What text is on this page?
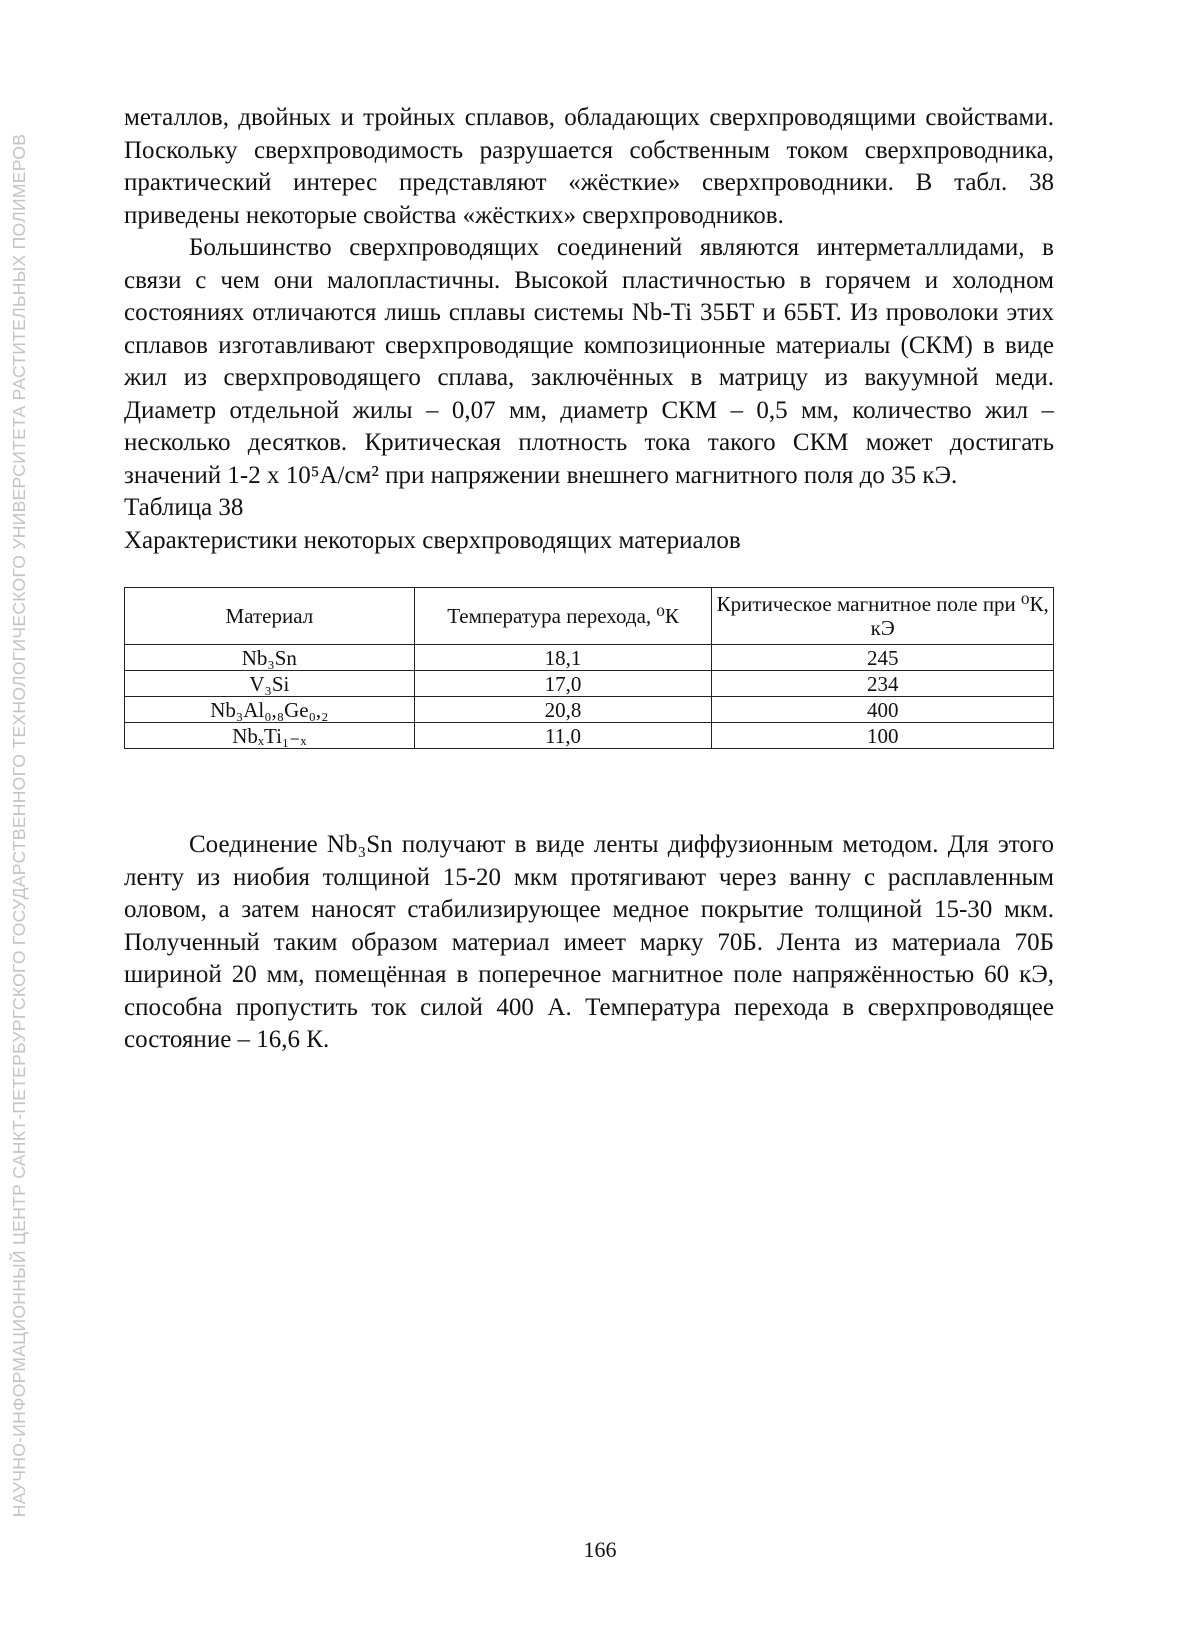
НАУЧНО-ИНФОРМАЦИОННЫЙ ЦЕНТР САНКТ-ПЕТЕРБУРГСКОГО ГОСУДАРСТВЕННОГО ТЕХНОЛОГИЧЕСКОГО УНИВЕРСИТЕТА РАСТИТЕЛЬНЫХ ПОЛИМЕРОВ

металлов, двойных и тройных сплавов, обладающих сверхпроводящими свойствами. Поскольку сверхпроводимость разрушается собственным током сверхпроводника, практический интерес представляют «жёсткие» сверхпроводники. В табл. 38 приведены некоторые свойства «жёстких» сверхпроводников.

Большинство сверхпроводящих соединений являются интерметаллидами, в связи с чем они малопластичны. Высокой пластичностью в горячем и холодном состояниях отличаются лишь сплавы системы Nb-Ti 35БТ и 65БТ. Из проволоки этих сплавов изготавливают сверхпроводящие композиционные материалы (СКМ) в виде жил из сверхпроводящего сплава, заключённых в матрицу из вакуумной меди. Диаметр отдельной жилы – 0,07 мм, диаметр СКМ – 0,5 мм, количество жил – несколько десятков. Критическая плотность тока такого СКМ может достигать значений 1-2 x 10⁵A/см² при напряжении внешнего магнитного поля до 35 кЭ.

Таблица 38

Характеристики некоторых сверхпроводящих материалов

Материал	Температура перехода, ⁰К	Критическое магнитное поле при ⁰К, кЭ
Nb₃Sn	18,1	245
V₃Si	17,0	234
Nb₃Al₀,₈Ge₀,₂	20,8	400
NbₓTi₁₋ₓ	11,0	100

Соединение Nb₃Sn получают в виде ленты диффузионным методом. Для этого ленту из ниобия толщиной 15-20 мкм протягивают через ванну с расплавленным оловом, а затем наносят стабилизирующее медное покрытие толщиной 15-30 мкм. Полученный таким образом материал имеет марку 70Б. Лента из материала 70Б шириной 20 мм, помещённая в поперечное магнитное поле напряжённостью 60 кЭ, способна пропустить ток силой 400 А. Температура перехода в сверхпроводящее состояние – 16,6 К.

166
